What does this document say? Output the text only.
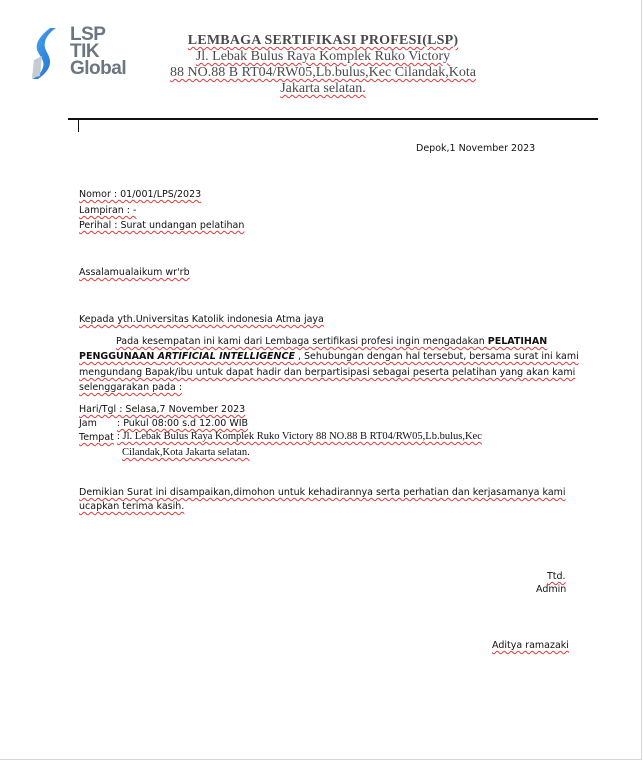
LSP
TIK
Global
LEMBAGA SERTIFIKASI PROFESI(LSP)
Jl. Lebak Bulus Raya Komplek Ruko Victory
88 NO.88 B RT04/RW05,Lb.bulus,Kec Cilandak,Kota
Jakarta selatan.
Depok,1 November 2023
Nomor : 01/001/LPS/2023
Lampiran : -
Perihal : Surat undangan pelatihan
Assalamualaikum wr'rb
Kepada yth.Universitas Katolik indonesia Atma jaya
Pada kesempatan ini kami dari Lembaga sertifikasi profesi ingin mengadakan PELATIHAN
PENGGUNAAN ARTIFICIAL INTELLIGENCE , Sehubungan dengan hal tersebut, bersama surat ini kami
mengundang Bapak/ibu untuk dapat hadir dan berpartisipasi sebagai peserta pelatihan yang akan kami
selenggarakan pada :
Hari/Tgl : Selasa,7 November 2023
Jam : Pukul 08:00 s.d 12.00 WIB
Tempat : Jl. Lebak Bulus Raya Komplek Ruko Victory 88 NO.88 B RT04/RW05,Lb.bulus,Kec
Cilandak,Kota Jakarta selatan.
Demikian Surat ini disampaikan,dimohon untuk kehadirannya serta perhatian dan kerjasamanya kami
ucapkan terima kasih.
Ttd.
Admin
Aditya ramazaki
